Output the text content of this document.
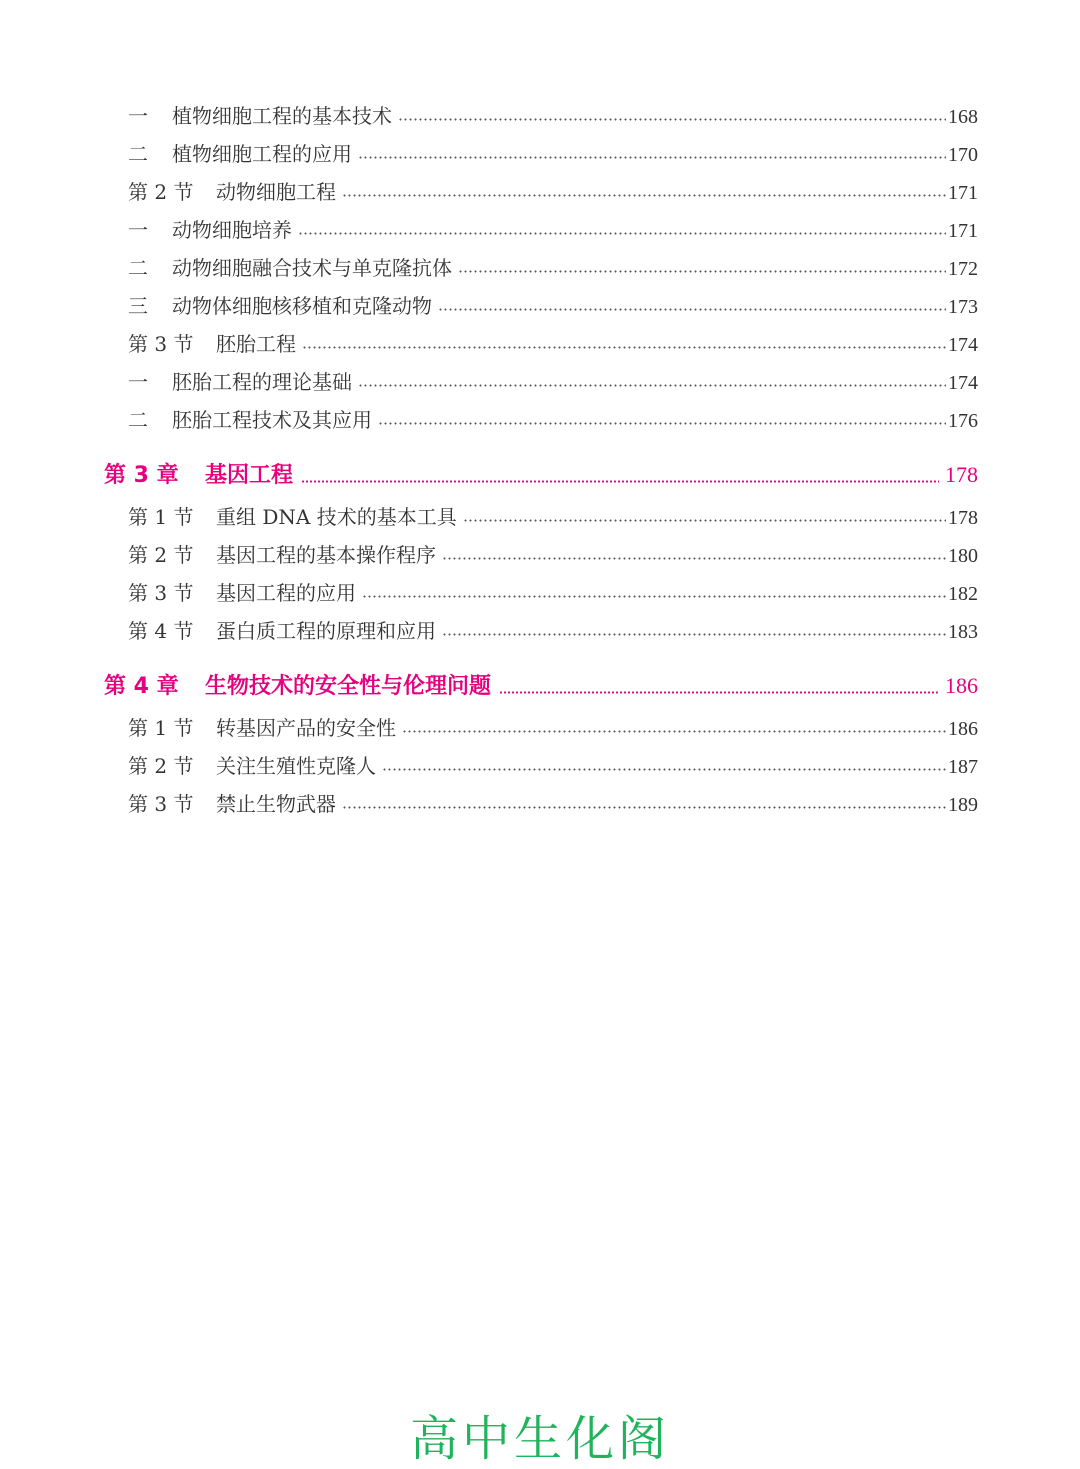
一	植物细胞工程的基本技术	168
二	植物细胞工程的应用	170
第 2 节	动物细胞工程	171
一	动物细胞培养	171
二	动物细胞融合技术与单克隆抗体	172
三	动物体细胞核移植和克隆动物	173
第 3 节	胚胎工程	174
一	胚胎工程的理论基础	174
二	胚胎工程技术及其应用	176
第 3 章	基因工程	178
第 1 节	重组 DNA 技术的基本工具	178
第 2 节	基因工程的基本操作程序	180
第 3 节	基因工程的应用	182
第 4 节	蛋白质工程的原理和应用	183
第 4 章	生物技术的安全性与伦理问题	186
第 1 节	转基因产品的安全性	186
第 2 节	关注生殖性克隆人	187
第 3 节	禁止生物武器	189
高中生化阁
